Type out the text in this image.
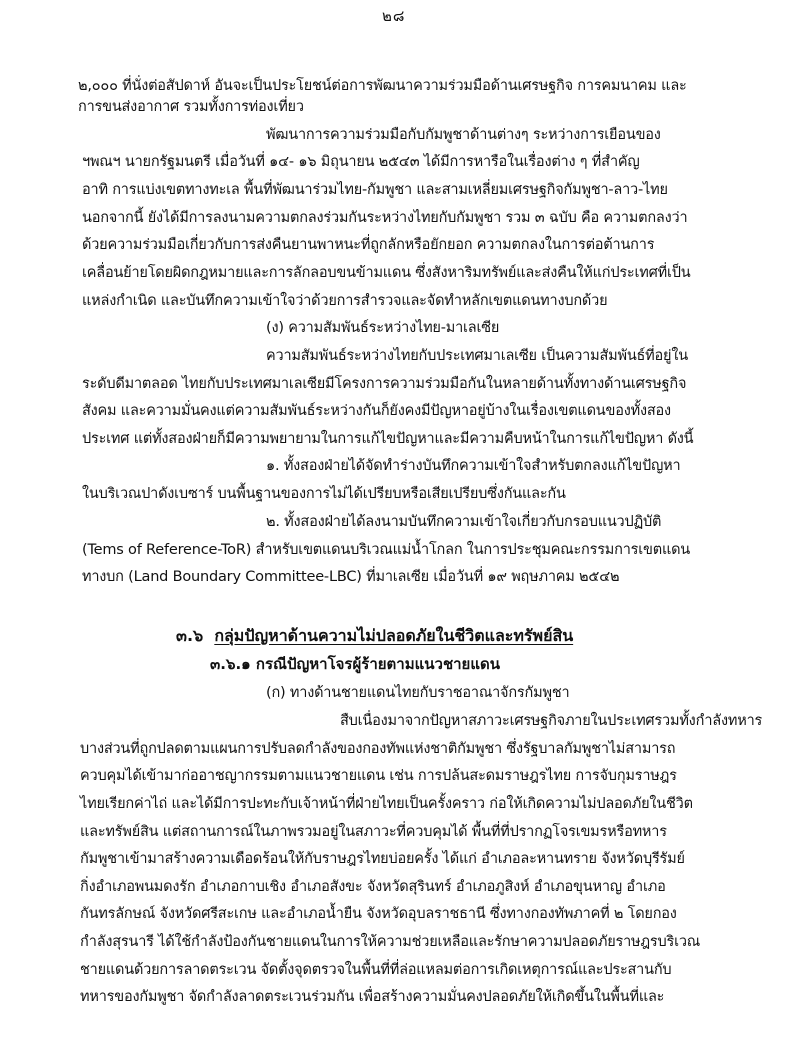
๒๘
๒,๐๐๐ ที่นั่งต่อสัปดาห์ อันจะเป็นประโยชน์ต่อการพัฒนาความร่วมมือด้านเศรษฐกิจ การคมนาคม และ
การขนส่งอากาศ รวมทั้งการท่องเที่ยว
พัฒนาการความร่วมมือกับกัมพูชาด้านต่างๆ ระหว่างการเยือนของ
ฯพณฯ นายกรัฐมนตรี เมื่อวันที่ ๑๔- ๑๖ มิถุนายน ๒๕๔๓ ได้มีการหารือในเรื่องต่าง ๆ ที่สำคัญ
อาทิ การแบ่งเขตทางทะเล พื้นที่พัฒนาร่วมไทย-กัมพูชา และสามเหลี่ยมเศรษฐกิจกัมพูชา-ลาว-ไทย
นอกจากนี้ ยังได้มีการลงนามความตกลงร่วมกันระหว่างไทยกับกัมพูชา รวม ๓ ฉบับ คือ ความตกลงว่า
ด้วยความร่วมมือเกี่ยวกับการส่งคืนยานพาหนะที่ถูกลักหรือยักยอก ความตกลงในการต่อต้านการ
เคลื่อนย้ายโดยผิดกฎหมายและการลักลอบขนข้ามแดน ซึ่งสังหาริมทรัพย์และส่งคืนให้แก่ประเทศที่เป็น
แหล่งกำเนิด และบันทึกความเข้าใจว่าด้วยการสำรวจและจัดทำหลักเขตแดนทางบกด้วย
(ง) ความสัมพันธ์ระหว่างไทย-มาเลเซีย
ความสัมพันธ์ระหว่างไทยกับประเทศมาเลเซีย เป็นความสัมพันธ์ที่อยู่ใน
ระดับดีมาตลอด ไทยกับประเทศมาเลเซียมีโครงการความร่วมมือกันในหลายด้านทั้งทางด้านเศรษฐกิจ
สังคม และความมั่นคงแต่ความสัมพันธ์ระหว่างกันก็ยังคงมีปัญหาอยู่บ้างในเรื่องเขตแดนของทั้งสอง
ประเทศ แต่ทั้งสองฝ่ายก็มีความพยายามในการแก้ไขปัญหาและมีความคืบหน้าในการแก้ไขปัญหา ดังนี้
๑. ทั้งสองฝ่ายได้จัดทำร่างบันทึกความเข้าใจสำหรับตกลงแก้ไขปัญหา
ในบริเวณปาดังเบซาร์ บนพื้นฐานของการไม่ได้เปรียบหรือเสียเปรียบซึ่งกันและกัน
๒. ทั้งสองฝ่ายได้ลงนามบันทึกความเข้าใจเกี่ยวกับกรอบแนวปฏิบัติ
(Tems of Reference-ToR) สำหรับเขตแดนบริเวณแม่น้ำโกลก ในการประชุมคณะกรรมการเขตแดน
ทางบก (Land Boundary Committee-LBC) ที่มาเลเซีย เมื่อวันที่ ๑๙ พฤษภาคม ๒๕๔๒
๓.๖ กลุ่มปัญหาด้านความไม่ปลอดภัยในชีวิตและทรัพย์สิน
๓.๖.๑ กรณีปัญหาโจรผู้ร้ายตามแนวชายแดน
(ก) ทางด้านชายแดนไทยกับราชอาณาจักรกัมพูชา
สืบเนื่องมาจากปัญหาสภาวะเศรษฐกิจภายในประเทศรวมทั้งกำลังทหาร
บางส่วนที่ถูกปลดตามแผนการปรับลดกำลังของกองทัพแห่งชาติกัมพูชา ซึ่งรัฐบาลกัมพูชาไม่สามารถ
ควบคุมได้เข้ามาก่ออาชญากรรมตามแนวชายแดน เช่น การปล้นสะดมราษฎรไทย การจับกุมราษฎร
ไทยเรียกค่าไถ่ และได้มีการปะทะกับเจ้าหน้าที่ฝ่ายไทยเป็นครั้งคราว ก่อให้เกิดความไม่ปลอดภัยในชีวิต
และทรัพย์สิน แต่สถานการณ์ในภาพรวมอยู่ในสภาวะที่ควบคุมได้ พื้นที่ที่ปรากฏโจรเขมรหรือทหาร
กัมพูชาเข้ามาสร้างความเดือดร้อนให้กับราษฎรไทยบ่อยครั้ง ได้แก่ อำเภอละหานทราย จังหวัดบุรีรัมย์
กิ่งอำเภอพนมดงรัก อำเภอกาบเชิง อำเภอสังขะ จังหวัดสุรินทร์ อำเภอภูสิงห์ อำเภอขุนหาญ อำเภอ
กันทรลักษณ์ จังหวัดศรีสะเกษ และอำเภอน้ำยืน จังหวัดอุบลราชธานี ซึ่งทางกองทัพภาคที่ ๒ โดยกอง
กำลังสุรนารี ได้ใช้กำลังป้องกันชายแดนในการให้ความช่วยเหลือและรักษาความปลอดภัยราษฎรบริเวณ
ชายแดนด้วยการลาดตระเวน จัดตั้งจุดตรวจในพื้นที่ที่ล่อแหลมต่อการเกิดเหตุการณ์และประสานกับ
ทหารของกัมพูชา จัดกำลังลาดตระเวนร่วมกัน เพื่อสร้างความมั่นคงปลอดภัยให้เกิดขึ้นในพื้นที่และ
